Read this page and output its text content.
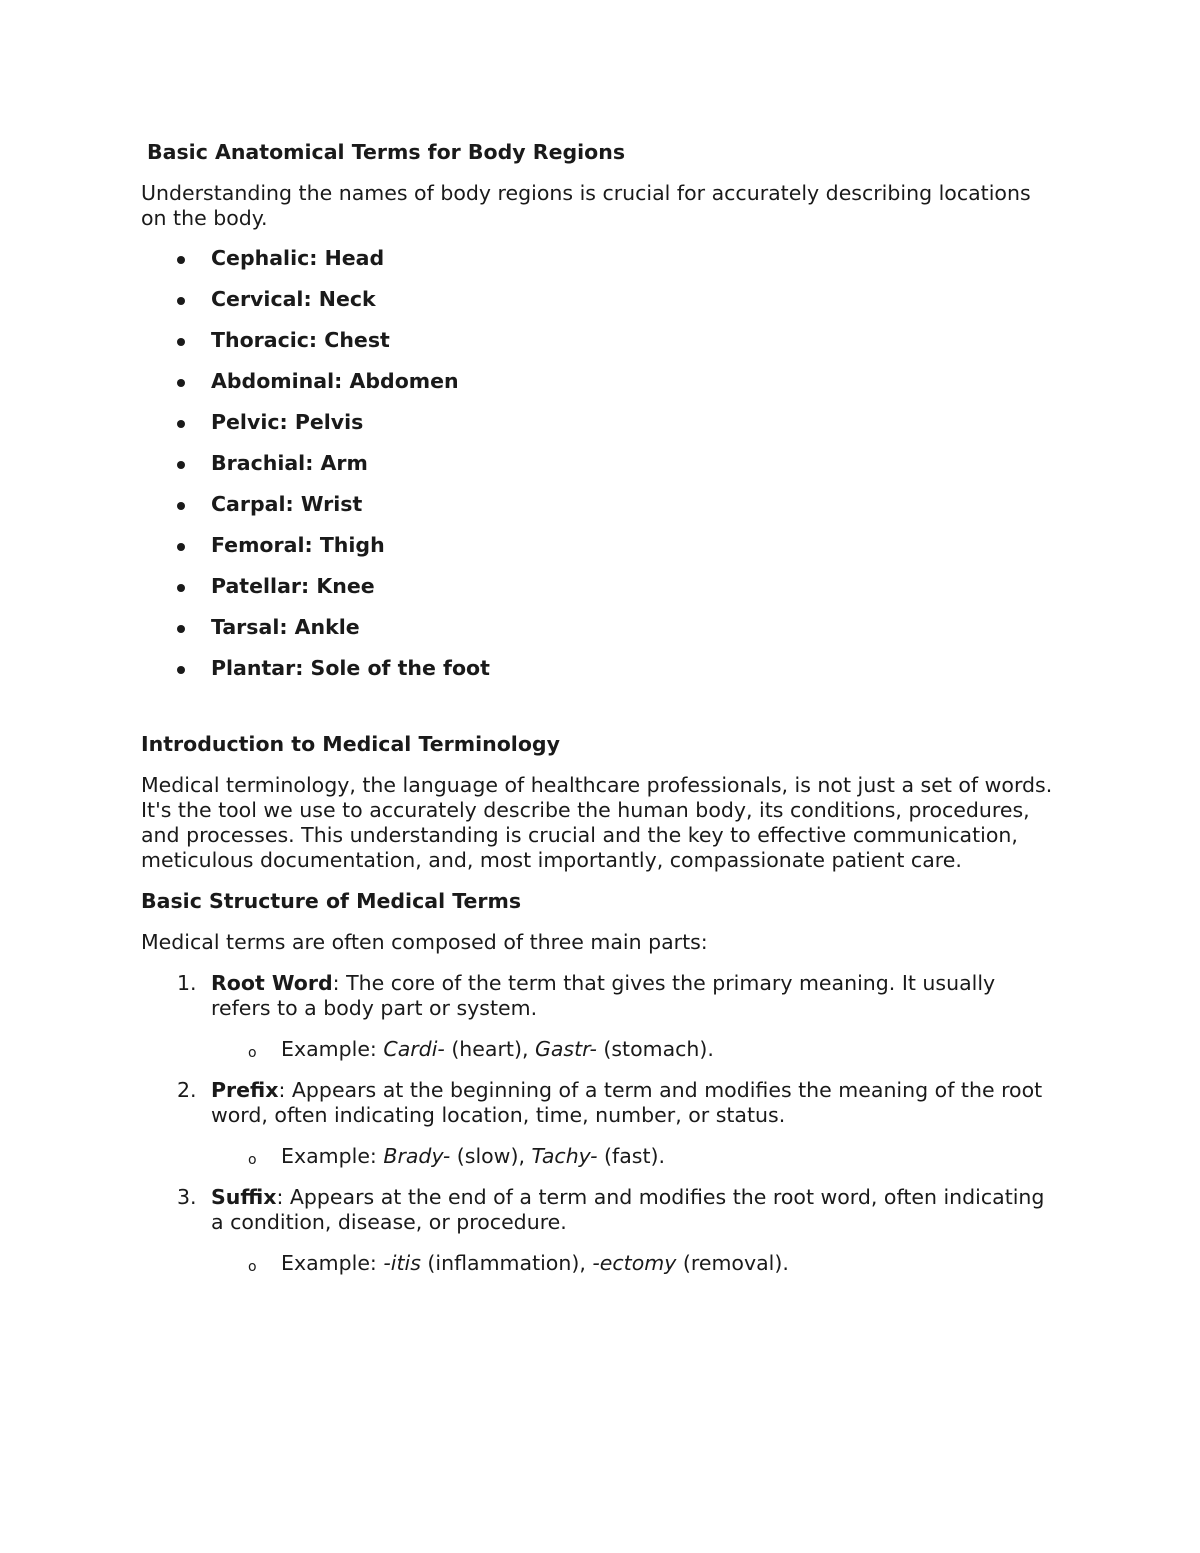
Basic Anatomical Terms for Body Regions

Understanding the names of body regions is crucial for accurately describing locations on the body.

Cephalic: Head
Cervical: Neck
Thoracic: Chest
Abdominal: Abdomen
Pelvic: Pelvis
Brachial: Arm
Carpal: Wrist
Femoral: Thigh
Patellar: Knee
Tarsal: Ankle
Plantar: Sole of the foot
Introduction to Medical Terminology

Medical terminology, the language of healthcare professionals, is not just a set of words. It's the tool we use to accurately describe the human body, its conditions, procedures, and processes. This understanding is crucial and the key to effective communication, meticulous documentation, and, most importantly, compassionate patient care.

Basic Structure of Medical Terms

Medical terms are often composed of three main parts:

1. Root Word: The core of the term that gives the primary meaning. It usually refers to a body part or system.
o Example: Cardi- (heart), Gastr- (stomach).
2. Prefix: Appears at the beginning of a term and modifies the meaning of the root word, often indicating location, time, number, or status.
o Example: Brady- (slow), Tachy- (fast).
3. Suffix: Appears at the end of a term and modifies the root word, often indicating a condition, disease, or procedure.
o Example: -itis (inflammation), -ectomy (removal).
